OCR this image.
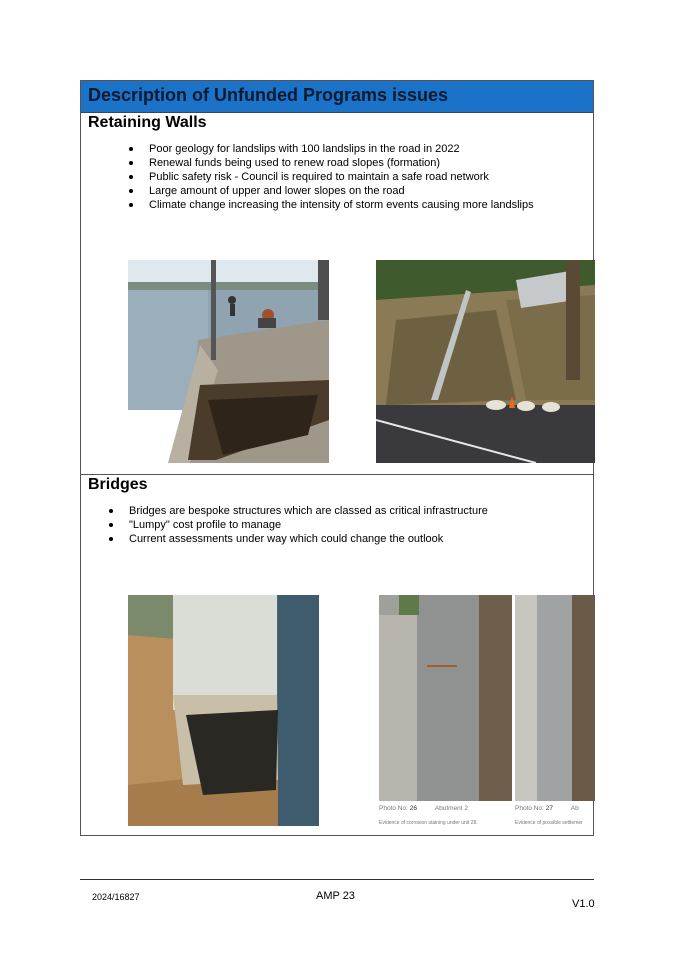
Description of Unfunded Programs issues
Retaining Walls
Poor geology for landslips with 100 landslips in the road in 2022
Renewal funds being used to renew road slopes (formation)
Public safety risk - Council is required to maintain a safe road network
Large amount of upper and lower slopes on the road
Climate change increasing the intensity of storm events causing more landslips
Bridges
Bridges are bespoke structures which are classed as critical infrastructure
"Lumpy" cost profile to manage
Current assessments under way which could change the outlook
Photo No: 26	Abutment 2
Evidence of corrosion staining under unit 28.
Photo No: 27	Ab
Evidence of possible settlemer
2024/16827	AMP 23
V1.0
